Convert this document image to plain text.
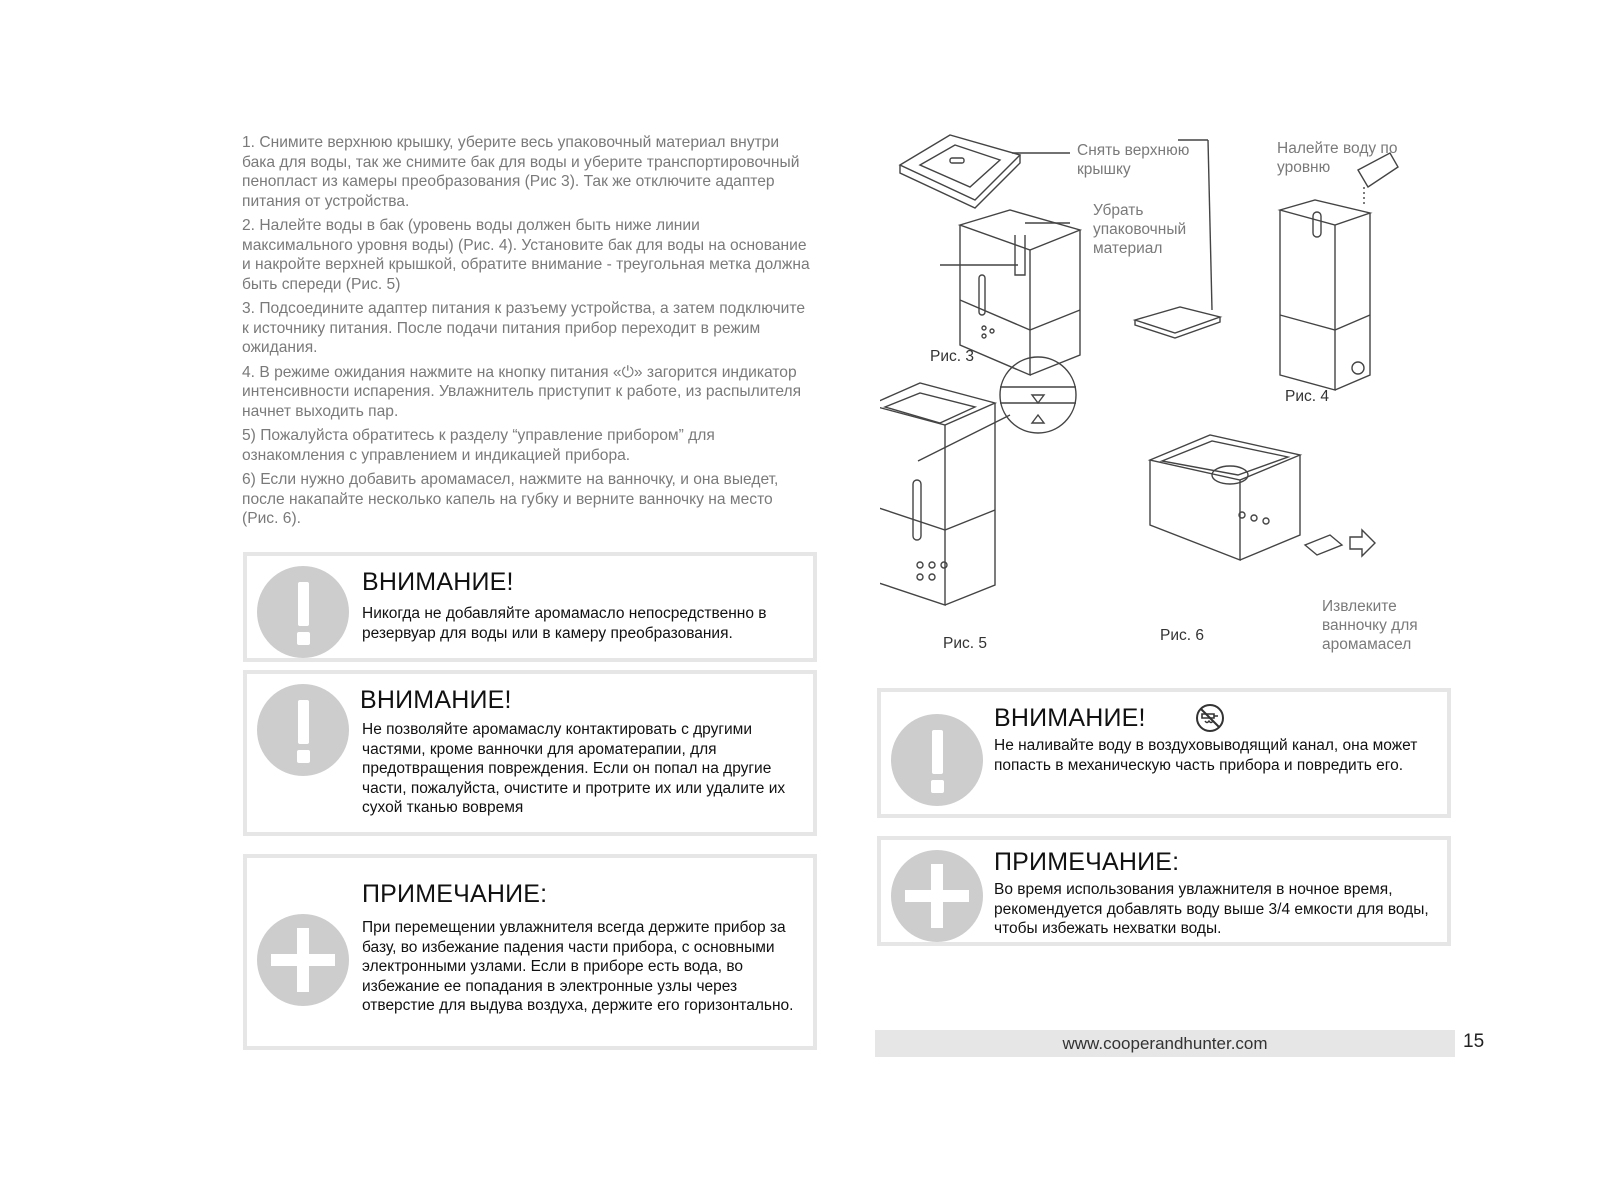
1. Снимите верхнюю крышку, уберите весь упаковочный материал внутри бака для воды, так же снимите бак для воды и уберите транспортировочный пенопласт из камеры преобразования (Рис 3). Так же отключите адаптер питания от устройства.

2. Налейте воды в бак (уровень воды должен быть ниже линии максимального уровня воды) (Рис. 4). Установите бак для воды на основание и накройте верхней крышкой, обратите внимание - треугольная метка должна быть спереди (Рис. 5)

3. Подсоедините адаптер питания к разъему устройства, а затем подключите к источнику питания. После подачи питания прибор переходит в режим ожидания.

4. В режиме ожидания нажмите на кнопку питания «⏻» загорится индикатор интенсивности испарения. Увлажнитель приступит к работе, из распылителя начнет выходить пар.

5) Пожалуйста обратитесь к разделу “управление прибором” для ознакомления с управлением и индикацией прибора.

6) Если нужно добавить аромамасел, нажмите на ванночку, и она выедет, после накапайте несколько капель на губку и верните ванночку на место (Рис. 6).

ВНИМАНИЕ!
Никогда не добавляйте аромамасло непосредственно в резервуар для воды или в камеру преобразования.
ВНИМАНИЕ!
Не позволяйте аромамаслу контактировать с другими частями, кроме ванночки для ароматерапии, для предотвращения повреждения. Если он попал на другие части, пожалуйста, очистите и протрите их или удалите их сухой тканью вовремя
ПРИМЕЧАНИЕ:
При перемещении увлажнителя всегда держите прибор за базу, во избежание падения части прибора, с основными электронными узлами. Если в приборе есть вода, во избежание ее попадания в электронные узлы через отверстие для выдува воздуха, держите его горизонтально.
ВНИМАНИЕ!
Не наливайте воду в воздуховыводящий канал, она может попасть в механическую часть прибора и повредить его.
ПРИМЕЧАНИЕ:
Во время использования увлажнителя в ночное время, рекомендуется добавлять воду выше 3/4 емкости для воды, чтобы избежать нехватки воды.
Снять верхнюю крышку
Убрать упаковочный материал
Налейте воду по уровню
Извлеките ванночку для аромамасел
Рис. 3
Рис. 4
Рис. 5	Рис. 6
www.cooperandhunter.com	15
